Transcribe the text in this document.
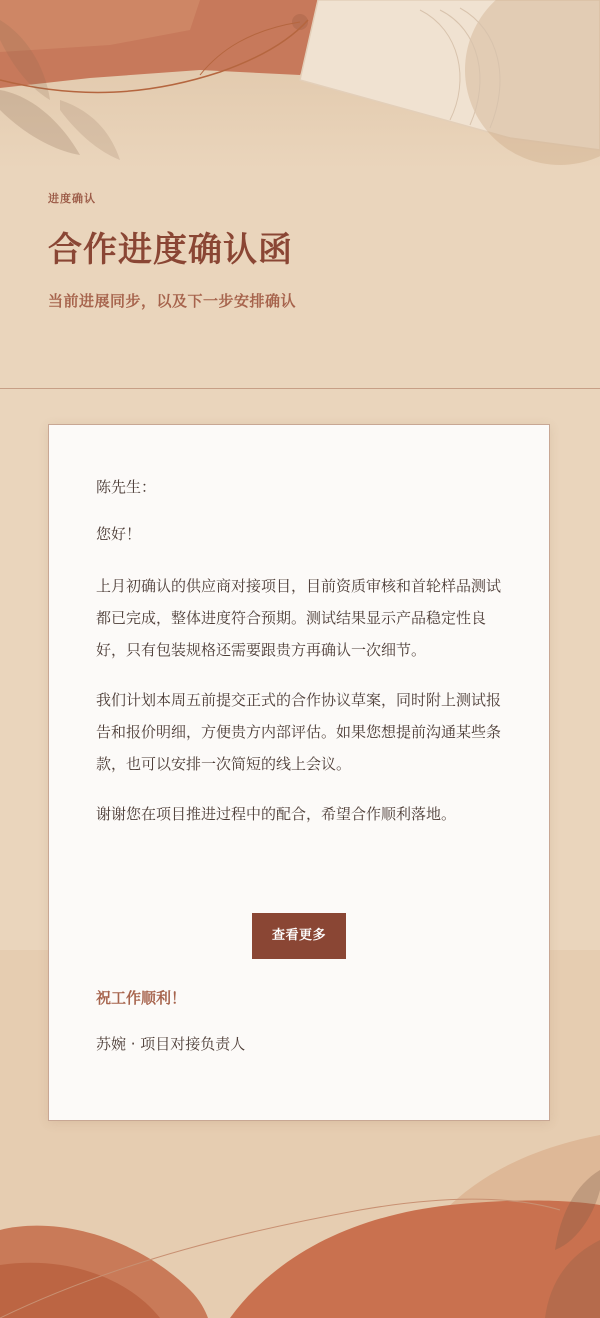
进度确认

合作进度确认函

当前进展同步，以及下一步安排确认

陈先生：

您好！

上月初确认的供应商对接项目，目前资质审核和首轮样品测试都已完成，整体进度符合预期。测试结果显示产品稳定性良好，只有包装规格还需要跟贵方再确认一次细节。

我们计划本周五前提交正式的合作协议草案，同时附上测试报告和报价明细，方便贵方内部评估。如果您想提前沟通某些条款，也可以安排一次简短的线上会议。

谢谢您在项目推进过程中的配合，希望合作顺利落地。

查看更多

祝工作顺利！

苏婉 · 项目对接负责人
